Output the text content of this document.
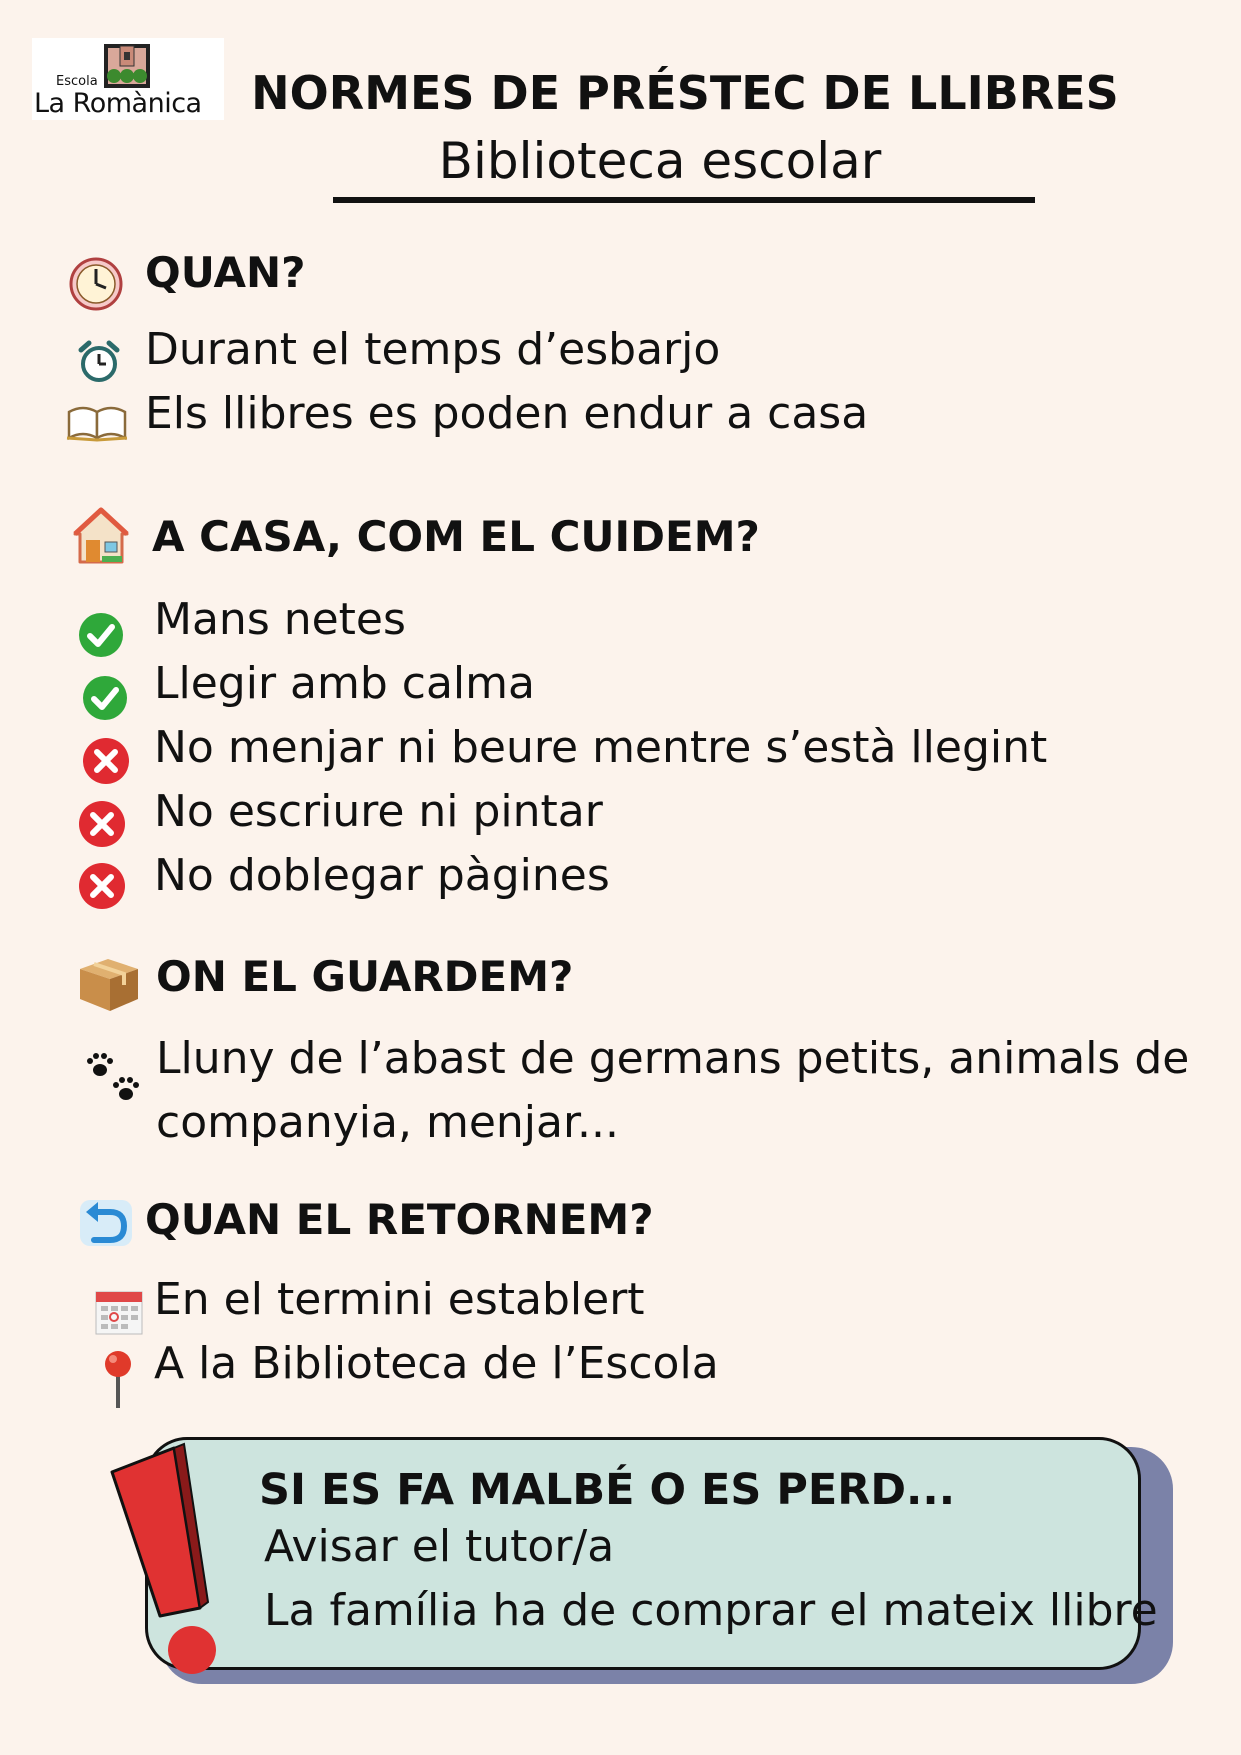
Escola
La Romànica	NORMES DE PRÉSTEC DE LLIBRES
Biblioteca escolar
QUAN?
Durant el temps d’esbarjo
Els llibres es poden endur a casa
A CASA, COM EL CUIDEM?
Mans netes
Llegir amb calma
No menjar ni beure mentre s’està llegint
No escriure ni pintar
No doblegar pàgines
ON EL GUARDEM?
Lluny de l’abast de germans petits, animals de
companyia, menjar...
QUAN EL RETORNEM?
En el termini establert
A la Biblioteca de l’Escola
SI ES FA MALBÉ O ES PERD...
Avisar el tutor/a
La família ha de comprar el mateix llibre
